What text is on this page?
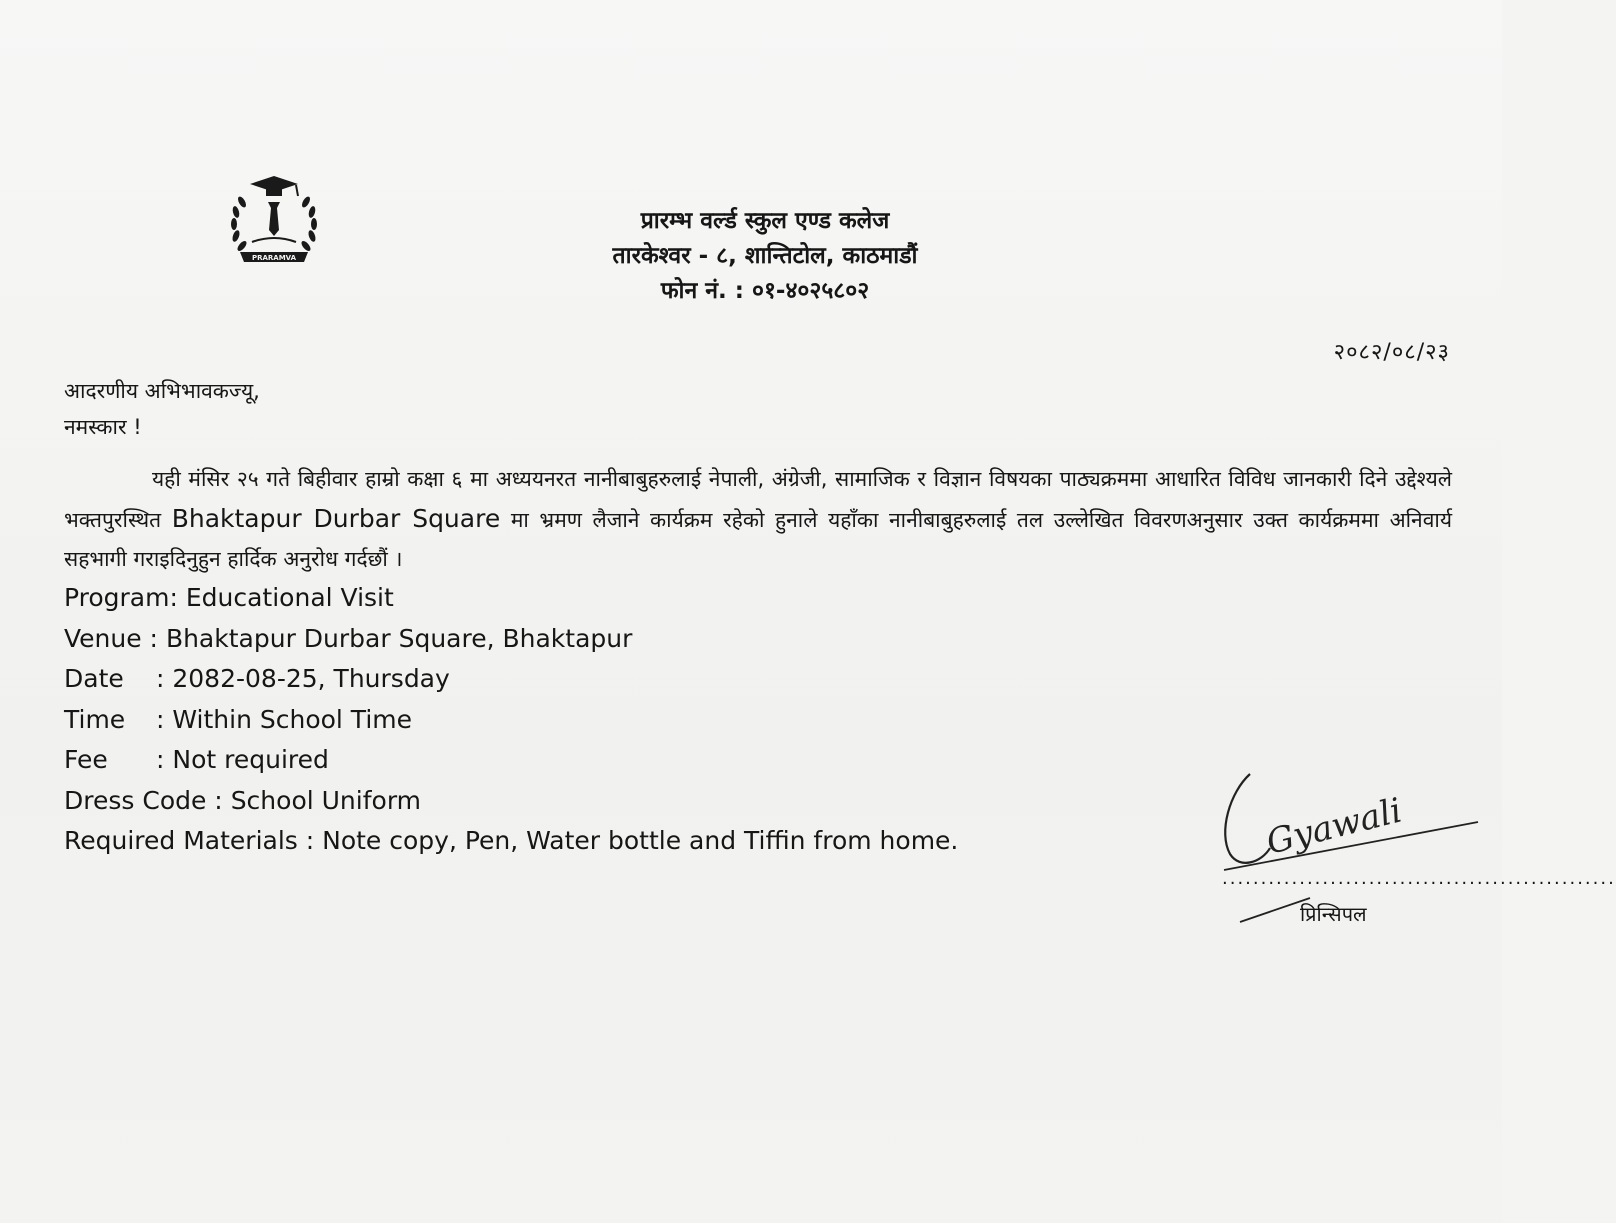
PRARAMVA
प्रारम्भ वर्ल्ड स्कुल एण्ड कलेज
तारकेश्वर - ८, शान्तिटोल, काठमाडौं
फोन नं. : ०१-४०२५८०२
२०८२/०८/२३
आदरणीय अभिभावकज्यू,
नमस्कार !
यही मंसिर २५ गते बिहीवार हाम्रो कक्षा ६ मा अध्ययनरत नानीबाबुहरुलाई नेपाली, अंग्रेजी, सामाजिक र विज्ञान विषयका पाठ्यक्रममा आधारित विविध जानकारी दिने उद्देश्यले भक्तपुरस्थित Bhaktapur Durbar Square मा भ्रमण लैजाने कार्यक्रम रहेको हुनाले यहाँका नानीबाबुहरुलाई तल उल्लेखित विवरणअनुसार उक्त कार्यक्रममा अनिवार्य सहभागी गराइदिनुहुन हार्दिक अनुरोध गर्दछौं ।
Program: Educational Visit
Venue : Bhaktapur Durbar Square, Bhaktapur
Date : 2082-08-25, Thursday
Time : Within School Time
Fee : Not required
Dress Code : School Uniform
Required Materials : Note copy, Pen, Water bottle and Tiffin from home.	Gyawali
...................................................
प्रिन्सिपल
